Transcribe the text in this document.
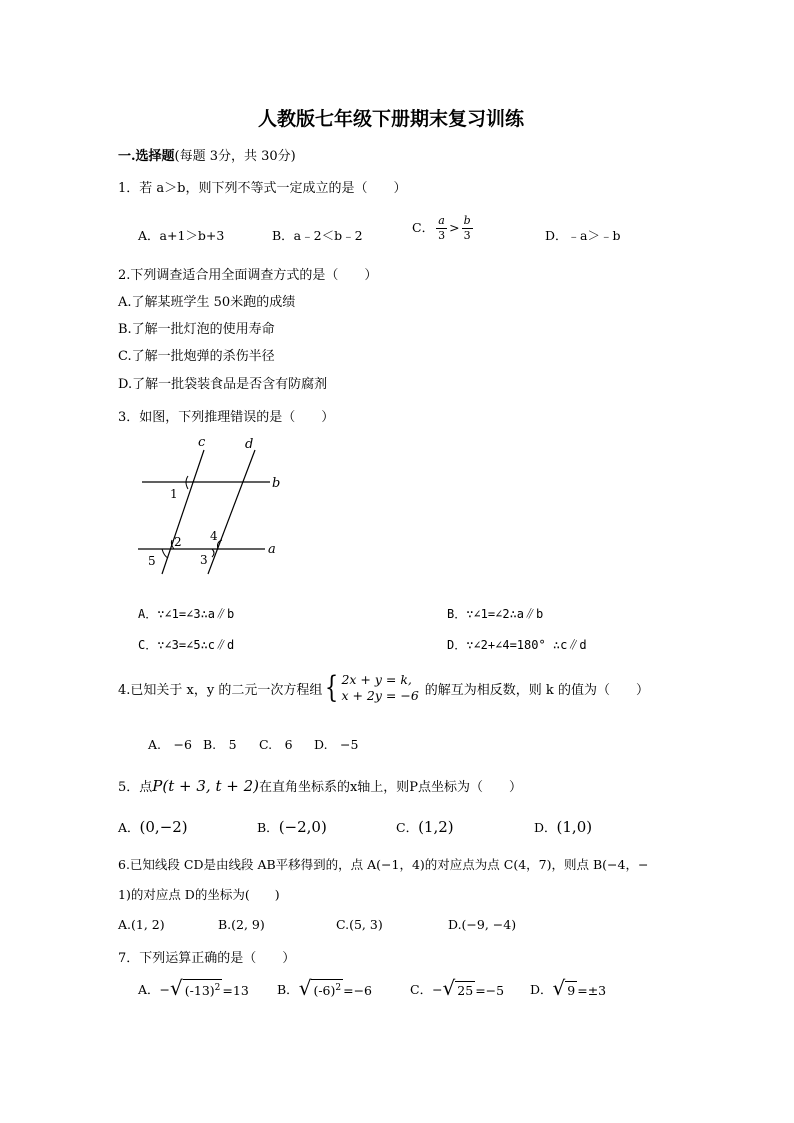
人教版七年级下册期末复习训练
一.选择题(每题 3分，共 30分)
1．若 a＞b，则下列不等式一定成立的是（　　）
A．a+1＞b+3	B．a﹣2＜b﹣2
C． $\frac{a}{3} > \frac{b}{3}$	D．﹣a＞﹣b
2.下列调查适合用全面调查方式的是（　　）
A.了解某班学生 50米跑的成绩
B.了解一批灯泡的使用寿命
C.了解一批炮弹的杀伤半径
D.了解一批袋装食品是否含有防腐剂
3．如图，下列推理错误的是（　　）
c	d
b
a
1
2
3
4
5
A．∵∠1=∠3∴a∥b	B．∵∠1=∠2∴a∥b
C．∵∠3=∠5∴c∥d	D．∵∠2+∠4=180° ∴c∥d
4.已知关于 x，y 的二元一次方程组 { 2x + y = k,
x + 2y = −6 的解互为相反数，则 k 的值为（　　）
A.　−6 B.　5 C.　6 D.　−5
5．点P(t + 3, t + 2)在直角坐标系的x轴上，则P点坐标为（　　）
A．(0,−2)	B．(−2,0)	C．(1,2)	D．(1,0)
6.已知线段 CD是由线段 AB平移得到的，点 A(−1，4)的对应点为点 C(4，7)，则点 B(−4，−
1)的对应点 D的坐标为(　　)
A.(1, 2)	B.(2, 9)	C.(5, 3)	D.(−9, −4)
7．下列运算正确的是（　　）
A．− √ $(-13)^2 =13$ B． √ $(-6)^2 =-6$	C．− √ 25 =−5 D． √ 9 =±3
